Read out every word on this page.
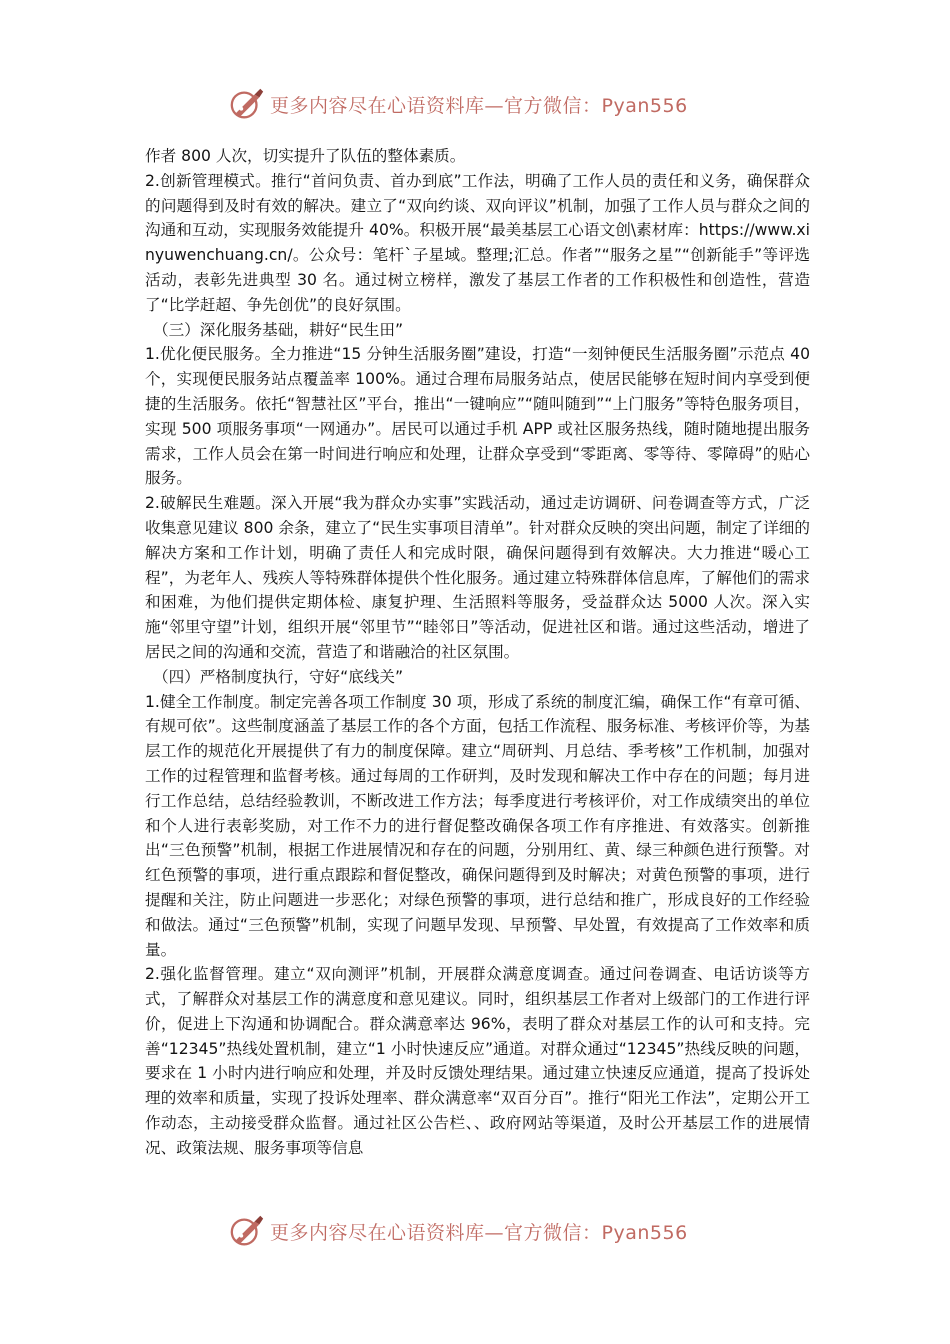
更多内容尽在心语资料库—官方微信：Pyan556

作者 800 人次，切实提升了队伍的整体素质。

2.创新管理模式。推行“首问负责、首办到底”工作法，明确了工作人员的责任和义务，确保群众的问题得到及时有效的解决。建立了“双向约谈、双向评议”机制，加强了工作人员与群众之间的沟通和互动，实现服务效能提升 40%。积极开展“最美基层工心语文创\素材库：https://www.xinyuwenchuang.cn/。公众号：笔杆`子星域。整理;汇总。作者”“服务之星”“创新能手”等评选活动，表彰先进典型 30 名。通过树立榜样，激发了基层工作者的工作积极性和创造性，营造了“比学赶超、争先创优”的良好氛围。

（三）深化服务基础，耕好“民生田”

1.优化便民服务。全力推进“15 分钟生活服务圈”建设，打造“一刻钟便民生活服务圈”示范点 40 个，实现便民服务站点覆盖率 100%。通过合理布局服务站点，使居民能够在短时间内享受到便捷的生活服务。依托“智慧社区”平台，推出“一键响应”“随叫随到”“上门服务”等特色服务项目，实现 500 项服务事项“一网通办”。居民可以通过手机 APP 或社区服务热线，随时随地提出服务需求，工作人员会在第一时间进行响应和处理，让群众享受到“零距离、零等待、零障碍”的贴心服务。

2.破解民生难题。深入开展“我为群众办实事”实践活动，通过走访调研、问卷调查等方式，广泛收集意见建议 800 余条，建立了“民生实事项目清单”。针对群众反映的突出问题，制定了详细的解决方案和工作计划，明确了责任人和完成时限，确保问题得到有效解决。大力推进“暖心工程”，为老年人、残疾人等特殊群体提供个性化服务。通过建立特殊群体信息库，了解他们的需求和困难，为他们提供定期体检、康复护理、生活照料等服务，受益群众达 5000 人次。深入实施“邻里守望”计划，组织开展“邻里节”“睦邻日”等活动，促进社区和谐。通过这些活动，增进了居民之间的沟通和交流，营造了和谐融洽的社区氛围。

（四）严格制度执行，守好“底线关”

1.健全工作制度。制定完善各项工作制度 30 项，形成了系统的制度汇编，确保工作“有章可循、有规可依”。这些制度涵盖了基层工作的各个方面，包括工作流程、服务标准、考核评价等，为基层工作的规范化开展提供了有力的制度保障。建立“周研判、月总结、季考核”工作机制，加强对工作的过程管理和监督考核。通过每周的工作研判，及时发现和解决工作中存在的问题；每月进行工作总结，总结经验教训，不断改进工作方法；每季度进行考核评价，对工作成绩突出的单位和个人进行表彰奖励，对工作不力的进行督促整改确保各项工作有序推进、有效落实。创新推出“三色预警”机制，根据工作进展情况和存在的问题，分别用红、黄、绿三种颜色进行预警。对红色预警的事项，进行重点跟踪和督促整改，确保问题得到及时解决；对黄色预警的事项，进行提醒和关注，防止问题进一步恶化；对绿色预警的事项，进行总结和推广，形成良好的工作经验和做法。通过“三色预警”机制，实现了问题早发现、早预警、早处置，有效提高了工作效率和质量。

2.强化监督管理。建立“双向测评”机制，开展群众满意度调查。通过问卷调查、电话访谈等方式，了解群众对基层工作的满意度和意见建议。同时，组织基层工作者对上级部门的工作进行评价，促进上下沟通和协调配合。群众满意率达 96%，表明了群众对基层工作的认可和支持。完善“12345”热线处置机制，建立“1 小时快速反应”通道。对群众通过“12345”热线反映的问题，要求在 1 小时内进行响应和处理，并及时反馈处理结果。通过建立快速反应通道，提高了投诉处理的效率和质量，实现了投诉处理率、群众满意率“双百分百”。推行“阳光工作法”，定期公开工作动态，主动接受群众监督。通过社区公告栏、、政府网站等渠道，及时公开基层工作的进展情况、政策法规、服务事项等信息

更多内容尽在心语资料库—官方微信：Pyan556
